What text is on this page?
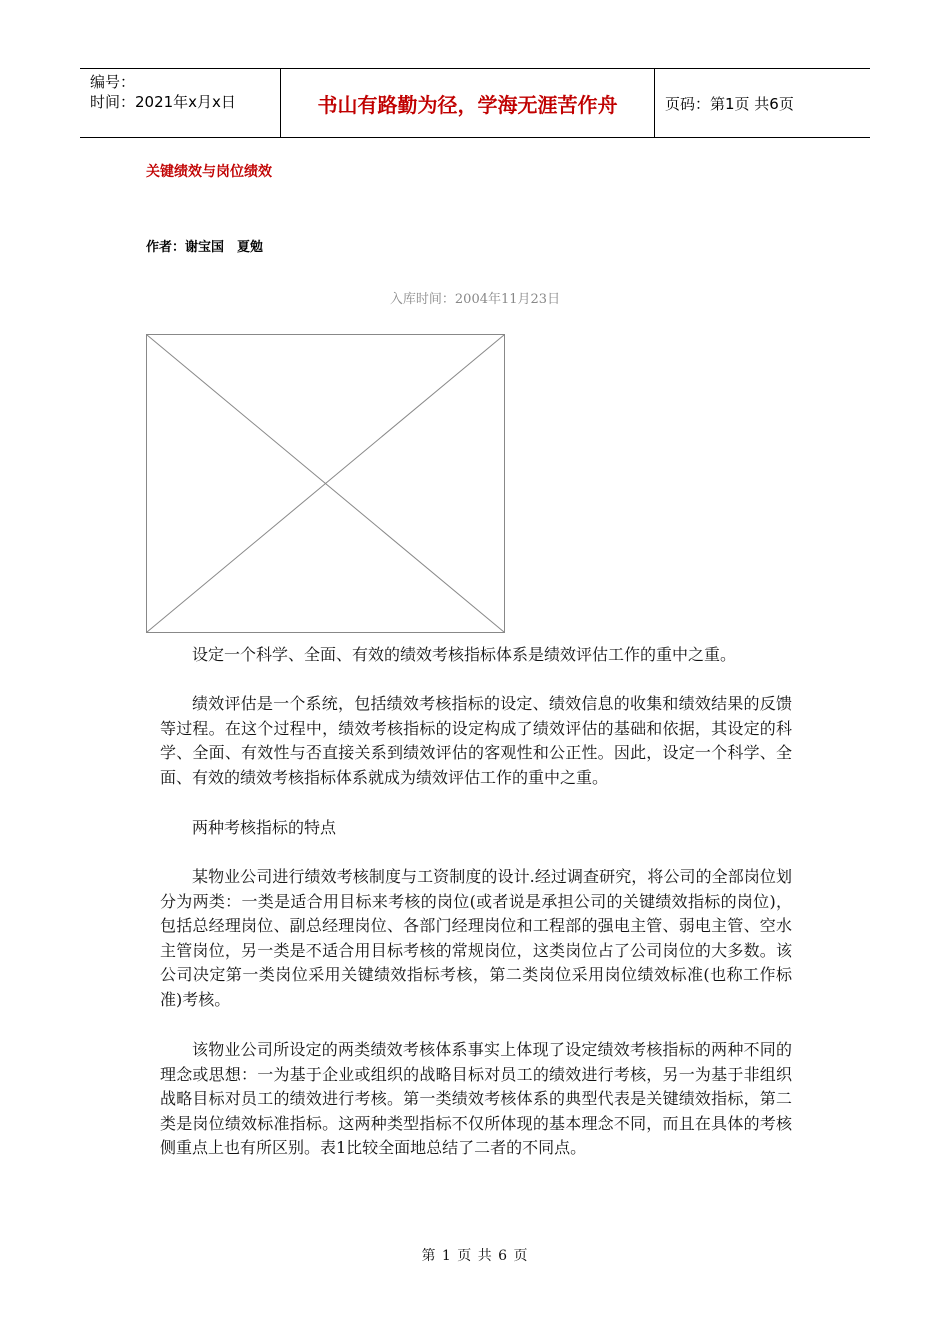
编号：
时间：2021年x月x日	书山有路勤为径，学海无涯苦作舟	页码：第1页 共6页
关键绩效与岗位绩效
作者：谢宝国　夏勉
入库时间：2004年11月23日

设定一个科学、全面、有效的绩效考核指标体系是绩效评估工作的重中之重。

绩效评估是一个系统，包括绩效考核指标的设定、绩效信息的收集和绩效结果的反馈等过程。在这个过程中，绩效考核指标的设定构成了绩效评估的基础和依据，其设定的科学、全面、有效性与否直接关系到绩效评估的客观性和公正性。因此，设定一个科学、全面、有效的绩效考核指标体系就成为绩效评估工作的重中之重。

两种考核指标的特点

某物业公司进行绩效考核制度与工资制度的设计.经过调查研究，将公司的全部岗位划分为两类：一类是适合用目标来考核的岗位(或者说是承担公司的关键绩效指标的岗位)，包括总经理岗位、副总经理岗位、各部门经理岗位和工程部的强电主管、弱电主管、空水主管岗位，另一类是不适合用目标考核的常规岗位，这类岗位占了公司岗位的大多数。该公司决定第一类岗位采用关键绩效指标考核，第二类岗位采用岗位绩效标准(也称工作标准)考核。

该物业公司所设定的两类绩效考核体系事实上体现了设定绩效考核指标的两种不同的理念或思想：一为基于企业或组织的战略目标对员工的绩效进行考核，另一为基于非组织战略目标对员工的绩效进行考核。第一类绩效考核体系的典型代表是关键绩效指标，第二类是岗位绩效标准指标。这两种类型指标不仅所体现的基本理念不同，而且在具体的考核侧重点上也有所区别。表1比较全面地总结了二者的不同点。

第 1 页 共 6 页
